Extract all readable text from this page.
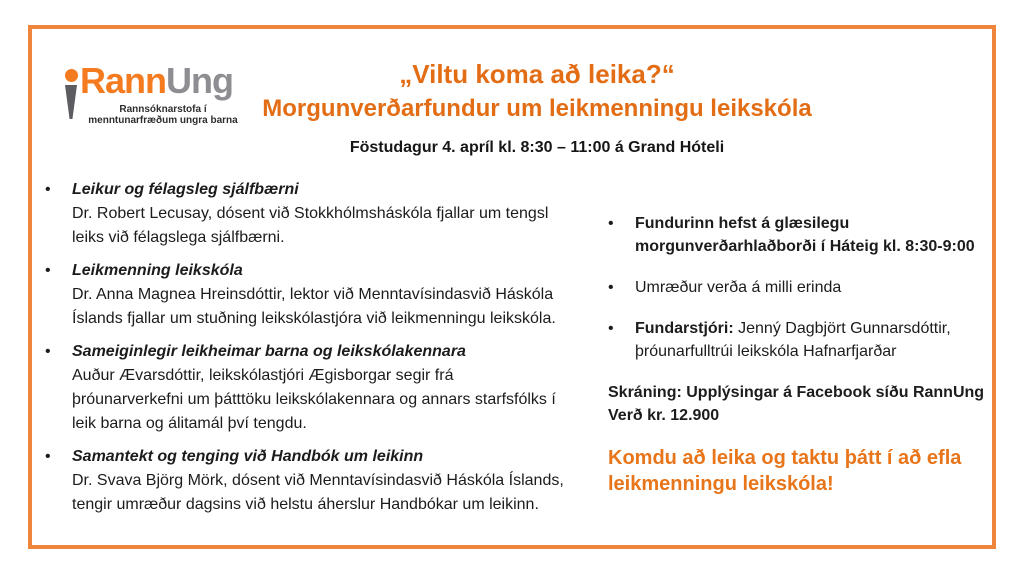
RannUng
Rannsóknarstofa í
menntunarfræðum ungra barna
„Viltu koma að leika?“
Morgunverðarfundur um leikmenningu leikskóla
Föstudagur 4. apríl kl. 8:30 – 11:00 á Grand Hóteli
•	Leikur og félagsleg sjálfbærni
Dr. Robert Lecusay, dósent við Stokkhólmsháskóla fjallar um tengsl leiks við félagslega sjálfbærni.
•	Leikmenning leikskóla
Dr. Anna Magnea Hreinsdóttir, lektor við Menntavísindasvið Háskóla Íslands fjallar um stuðning leikskólastjóra við leikmenningu leikskóla.
•	Sameiginlegir leikheimar barna og leikskólakennara
Auður Ævarsdóttir, leikskólastjóri Ægisborgar segir frá þróunarverkefni um þátttöku leikskólakennara og annars starfsfólks í leik barna og álitamál því tengdu.
•	Samantekt og tenging við Handbók um leikinn
Dr. Svava Björg Mörk, dósent við Menntavísindasvið Háskóla Íslands, tengir umræður dagsins við helstu áherslur Handbókar um leikinn.
•	Fundurinn hefst á glæsilegu morgunverðarhlaðborði í Háteig kl. 8:30-9:00
•	Umræður verða á milli erinda
•	Fundarstjóri: Jenný Dagbjört Gunnarsdóttir, þróunarfulltrúi leikskóla Hafnarfjarðar
Skráning: Upplýsingar á Facebook síðu RannUng
Verð kr. 12.900
Komdu að leika og taktu þátt í að efla leikmenningu leikskóla!
